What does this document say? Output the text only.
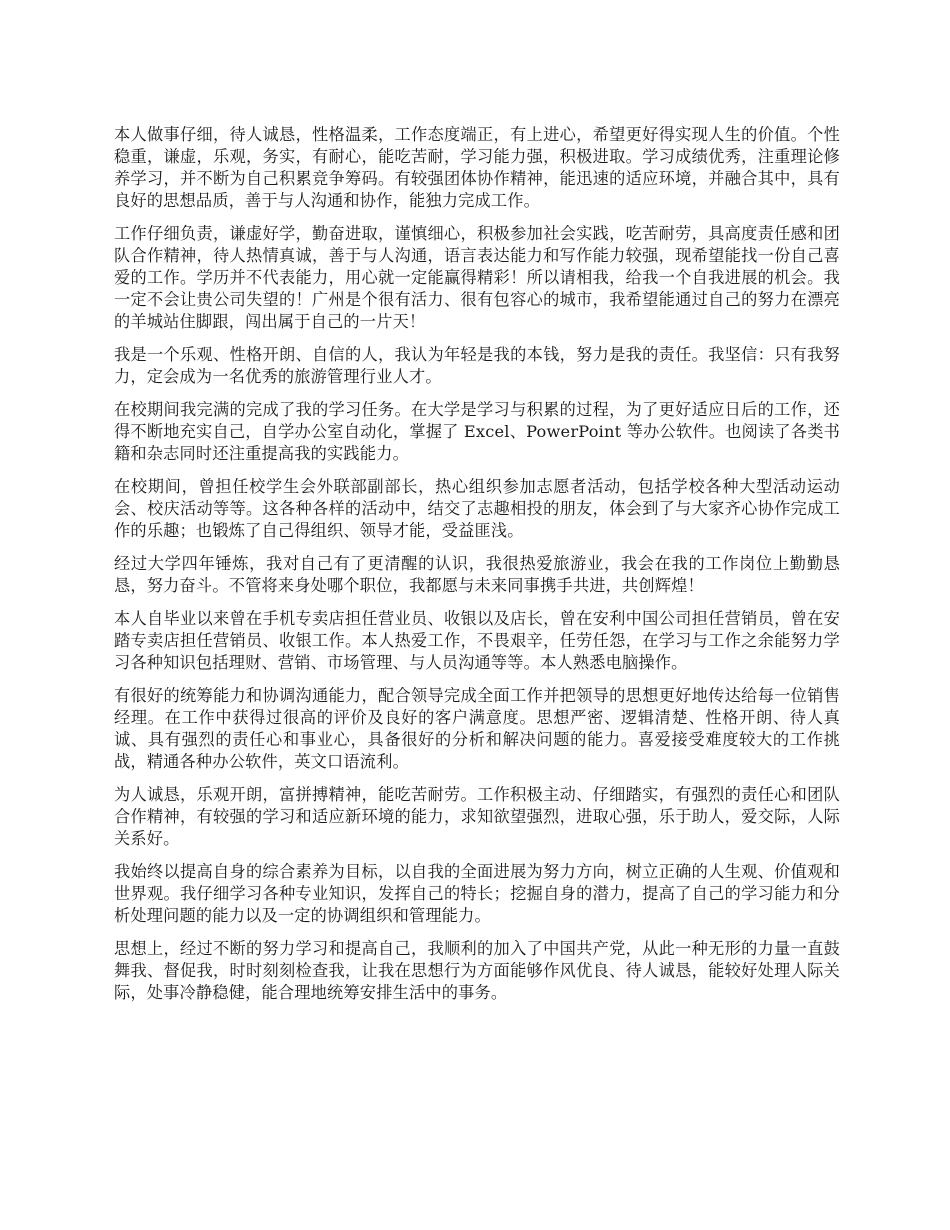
本人做事仔细，待人诚恳，性格温柔，工作态度端正，有上进心，希望更好得实现人生的价值。个性稳重，谦虚，乐观，务实，有耐心，能吃苦耐，学习能力强，积极进取。学习成绩优秀，注重理论修养学习，并不断为自己积累竞争筹码。有较强团体协作精神，能迅速的适应环境，并融合其中，具有良好的思想品质，善于与人沟通和协作，能独力完成工作。

工作仔细负责，谦虚好学，勤奋进取，谨慎细心，积极参加社会实践，吃苦耐劳，具高度责任感和团队合作精神，待人热情真诚，善于与人沟通，语言表达能力和写作能力较强，现希望能找一份自己喜爱的工作。学历并不代表能力，用心就一定能赢得精彩！所以请相我，给我一个自我进展的机会。我一定不会让贵公司失望的！广州是个很有活力、很有包容心的城市，我希望能通过自己的努力在漂亮的羊城站住脚跟，闯出属于自己的一片天！

我是一个乐观、性格开朗、自信的人，我认为年轻是我的本钱，努力是我的责任。我坚信：只有我努力，定会成为一名优秀的旅游管理行业人才。

在校期间我完满的完成了我的学习任务。在大学是学习与积累的过程，为了更好适应日后的工作，还得不断地充实自己，自学办公室自动化，掌握了 Excel、PowerPoint 等办公软件。也阅读了各类书籍和杂志同时还注重提高我的实践能力。

在校期间，曾担任校学生会外联部副部长，热心组织参加志愿者活动，包括学校各种大型活动运动会、校庆活动等等。这各种各样的活动中，结交了志趣相投的朋友，体会到了与大家齐心协作完成工作的乐趣；也锻炼了自己得组织、领导才能，受益匪浅。

经过大学四年锤炼，我对自己有了更清醒的认识，我很热爱旅游业，我会在我的工作岗位上勤勤恳恳，努力奋斗。不管将来身处哪个职位，我都愿与未来同事携手共进，共创辉煌！

本人自毕业以来曾在手机专卖店担任营业员、收银以及店长，曾在安利中国公司担任营销员，曾在安踏专卖店担任营销员、收银工作。本人热爱工作，不畏艰辛，任劳任怨，在学习与工作之余能努力学习各种知识包括理财、营销、市场管理、与人员沟通等等。本人熟悉电脑操作。

有很好的统筹能力和协调沟通能力，配合领导完成全面工作并把领导的思想更好地传达给每一位销售经理。在工作中获得过很高的评价及良好的客户满意度。思想严密、逻辑清楚、性格开朗、待人真诚、具有强烈的责任心和事业心，具备很好的分析和解决问题的能力。喜爱接受难度较大的工作挑战，精通各种办公软件，英文口语流利。

为人诚恳，乐观开朗，富拼搏精神，能吃苦耐劳。工作积极主动、仔细踏实，有强烈的责任心和团队合作精神，有较强的学习和适应新环境的能力，求知欲望强烈，进取心强，乐于助人，爱交际，人际关系好。

我始终以提高自身的综合素养为目标，以自我的全面进展为努力方向，树立正确的人生观、价值观和世界观。我仔细学习各种专业知识，发挥自己的特长；挖掘自身的潜力，提高了自己的学习能力和分析处理问题的能力以及一定的协调组织和管理能力。

思想上，经过不断的努力学习和提高自己，我顺利的加入了中国共产党，从此一种无形的力量一直鼓舞我、督促我，时时刻刻检查我，让我在思想行为方面能够作风优良、待人诚恳，能较好处理人际关际，处事冷静稳健，能合理地统筹安排生活中的事务。
